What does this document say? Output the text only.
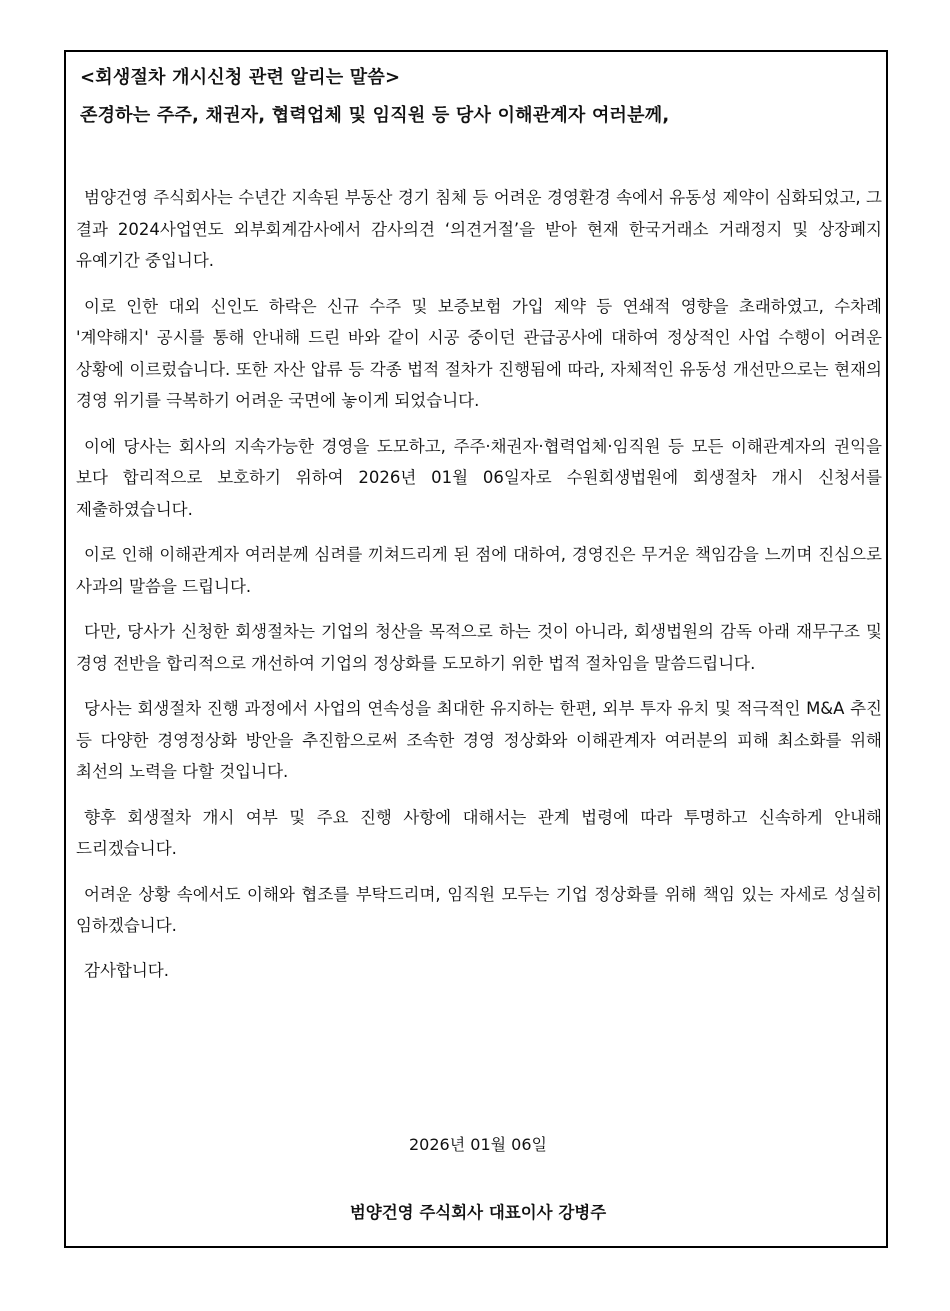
<회생절차 개시신청 관련 알리는 말씀>
존경하는 주주, 채권자, 협력업체 및 임직원 등 당사 이해관계자 여러분께,

범양건영 주식회사는 수년간 지속된 부동산 경기 침체 등 어려운 경영환경 속에서 유동성 제약이 심화되었고, 그 결과 2024사업연도 외부회계감사에서 감사의견 ‘의견거절’을 받아 현재 한국거래소 거래정지 및 상장폐지 유예기간 중입니다.

이로 인한 대외 신인도 하락은 신규 수주 및 보증보험 가입 제약 등 연쇄적 영향을 초래하였고, 수차례 '계약해지' 공시를 통해 안내해 드린 바와 같이 시공 중이던 관급공사에 대하여 정상적인 사업 수행이 어려운 상황에 이르렀습니다. 또한 자산 압류 등 각종 법적 절차가 진행됨에 따라, 자체적인 유동성 개선만으로는 현재의 경영 위기를 극복하기 어려운 국면에 놓이게 되었습니다.

이에 당사는 회사의 지속가능한 경영을 도모하고, 주주·채권자·협력업체·임직원 등 모든 이해관계자의 권익을 보다 합리적으로 보호하기 위하여 2026년 01월 06일자로 수원회생법원에 회생절차 개시 신청서를 제출하였습니다.

이로 인해 이해관계자 여러분께 심려를 끼쳐드리게 된 점에 대하여, 경영진은 무거운 책임감을 느끼며 진심으로 사과의 말씀을 드립니다.

다만, 당사가 신청한 회생절차는 기업의 청산을 목적으로 하는 것이 아니라, 회생법원의 감독 아래 재무구조 및 경영 전반을 합리적으로 개선하여 기업의 정상화를 도모하기 위한 법적 절차임을 말씀드립니다.

당사는 회생절차 진행 과정에서 사업의 연속성을 최대한 유지하는 한편, 외부 투자 유치 및 적극적인 M&A 추진 등 다양한 경영정상화 방안을 추진함으로써 조속한 경영 정상화와 이해관계자 여러분의 피해 최소화를 위해 최선의 노력을 다할 것입니다.

향후 회생절차 개시 여부 및 주요 진행 사항에 대해서는 관계 법령에 따라 투명하고 신속하게 안내해 드리겠습니다.

어려운 상황 속에서도 이해와 협조를 부탁드리며, 임직원 모두는 기업 정상화를 위해 책임 있는 자세로 성실히 임하겠습니다.

감사합니다.

2026년 01월 06일
범양건영 주식회사 대표이사 강병주
